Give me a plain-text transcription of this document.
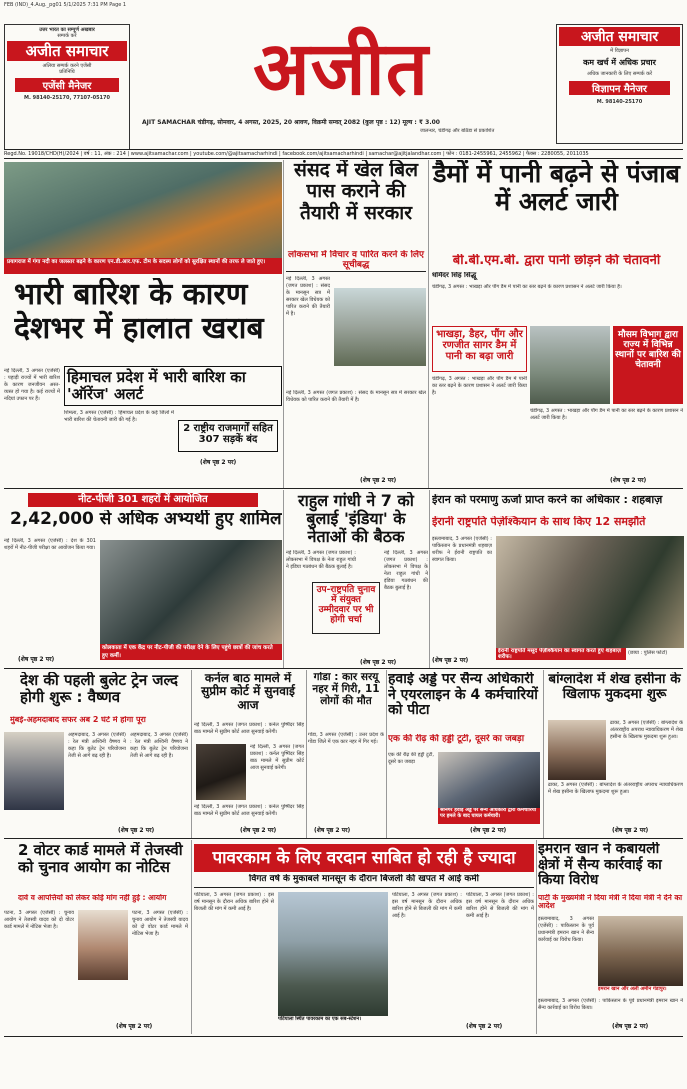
FEB (IND)_4.Aug._pg01 5/1/2025 7:31 PM Page 1
उत्तर भारत का सम्पूर्ण अखबार
सम्पर्क करें
अजीत समाचार
अलिया सम्पर्क करने एजेंसी
प्रतिनिधि
एजेंसी मैनेजर
M. 98140-25170, 77107-05170	अजीत
AJIT SAMACHAR चंडीगढ़, सोमवार, 4 अगस्त, 2025, 20 श्रावण, विक्रमी सम्वत् 2082 (कुल पृष्ठ : 12) मूल्य : ₹ 3.00
जालन्धर, चंडीगढ़ और बठिंडा से प्रकाशित
अजीत समाचार
में विज्ञापन
कम खर्च में अधिक प्रचार
अधिक जानकारी के लिए सम्पर्क करें
विज्ञापन मैनेजर
M. 98140-25170
Regd.No. 19018/CHD(H)/2024 | वर्ष : 11, अंक : 214 | www.ajitsamachar.com | youtube.com/@ajitsamacharhindi | facebook.com/ajitsamacharhindi | samachar@ajitjalandhar.com | फोन : 0181-2455961, 2455962 | फैक्स : 2280055, 2011035
प्रयागराज में गंगा नदी का जलस्तर बढ़ने के कारण एन.डी.आर.एफ. टीम के सदस्य लोगों को सुरक्षित स्थानों की तरफ ले जाते हुए।
भारी बारिश के कारण देशभर में हालात खराब
नई दिल्ली, 3 अगस्त (एजेंसी) : पहाड़ी राज्यों में भारी बारिश के कारण जनजीवन अस्त-व्यस्त हो गया है। कई राज्यों में नदियां उफान पर हैं।
हिमाचल प्रदेश में भारी बारिश का 'ऑरेंज' अलर्ट
शिमला, 3 अगस्त (एजेंसी) : हिमाचल प्रदेश के कई जिलों में भारी बारिश की चेतावनी जारी की गई है।
2 राष्ट्रीय राजमार्गों सहित 307 सड़कें बंद
(शेष पृष्ठ 2 पर)
संसद में खेल बिल पास कराने की तैयारी में सरकार
लोकसभा में विचार व पारित करने के लिए सूचीबद्ध
नई दिल्ली, 3 अगस्त (जगत प्रकाश) : संसद के मानसून सत्र में सरकार खेल विधेयक को पारित कराने की तैयारी में है।
नई दिल्ली, 3 अगस्त (जगत प्रकाश) : संसद के मानसून सत्र में सरकार खेल विधेयक को पारित कराने की तैयारी में है।
(शेष पृष्ठ 2 पर)
डैमों में पानी बढ़ने से पंजाब में अलर्ट जारी
बी.बी.एम.बी. द्वारा पानी छोड़ने की चेतावनी
धर्मिंदर सिंह सिद्धू
चंडीगढ़, 3 अगस्त : भाखड़ा और पौंग डैम में पानी का स्तर बढ़ने के कारण प्रशासन ने अलर्ट जारी किया है।
भाखड़ा, डैहर, पौंग और रणजीत सागर डैम में पानी का बढ़ा जारी
मौसम विभाग द्वारा राज्य में विभिन्न स्थानों पर बारिश की चेतावनी
चंडीगढ़, 3 अगस्त : भाखड़ा और पौंग डैम में पानी का स्तर बढ़ने के कारण प्रशासन ने अलर्ट जारी किया है।
चंडीगढ़, 3 अगस्त : भाखड़ा और पौंग डैम में पानी का स्तर बढ़ने के कारण प्रशासन ने अलर्ट जारी किया है।
(शेष पृष्ठ 2 पर)
नीट-पीजी 301 शहरों में आयोजित
2,42,000 से अधिक अभ्यर्थी हुए शामिल
नई दिल्ली, 3 अगस्त (एजेंसी) : देश के 301 शहरों में नीट-पीजी परीक्षा का आयोजन किया गया।
कोलकाता में एक केंद्र पर नीट-पीजी की परीक्षा देने के लिए पहुंचे छात्रों की जांच करते हुए कर्मी।
(शेष पृष्ठ 2 पर)
राहुल गांधी ने 7 को बुलाई 'इंडिया' के नेताओं की बैठक
नई दिल्ली, 3 अगस्त (जगत प्रकाश) : लोकसभा में विपक्ष के नेता राहुल गांधी ने इंडिया गठबंधन की बैठक बुलाई है।
उप-राष्ट्रपति चुनाव में संयुक्त उम्मीदवार पर भी होगी चर्चा
नई दिल्ली, 3 अगस्त (जगत प्रकाश) : लोकसभा में विपक्ष के नेता राहुल गांधी ने इंडिया गठबंधन की बैठक बुलाई है।
(शेष पृष्ठ 2 पर)
ईरान को परमाणु ऊर्जा प्राप्त करने का अधिकार : शहबाज़
ईरानी राष्ट्रपति पेज़ेश्कियान के साथ किए 12 समझौते
इस्लामाबाद, 3 अगस्त (एजेंसी) : पाकिस्तान के प्रधानमंत्री शहबाज़ शरीफ ने ईरानी राष्ट्रपति का स्वागत किया।
ईरानी राष्ट्रपति मसूद पेज़ेश्कियान का स्वागत करते हुए शहबाज़ शरीफ।
(छाया : पुलिस फोटो)
(शेष पृष्ठ 2 पर)
देश की पहली बुलेट ट्रेन जल्द होगी शुरू : वैष्णव
मुंबई-अहमदाबाद सफर अब 2 घंटे में होगा पूरा
अहमदाबाद, 3 अगस्त (एजेंसी) : रेल मंत्री अश्विनी वैष्णव ने कहा कि बुलेट ट्रेन परियोजना तेजी से आगे बढ़ रही है।
अहमदाबाद, 3 अगस्त (एजेंसी) : रेल मंत्री अश्विनी वैष्णव ने कहा कि बुलेट ट्रेन परियोजना तेजी से आगे बढ़ रही है।
(शेष पृष्ठ 2 पर)
कर्नल बाठ मामले में सुप्रीम कोर्ट में सुनवाई आज
नई दिल्ली, 3 अगस्त (जगत प्रकाश) : कर्नल पुष्पिंदर सिंह बाठ मामले में सुप्रीम कोर्ट आज सुनवाई करेगी।
नई दिल्ली, 3 अगस्त (जगत प्रकाश) : कर्नल पुष्पिंदर सिंह बाठ मामले में सुप्रीम कोर्ट आज सुनवाई करेगी।
नई दिल्ली, 3 अगस्त (जगत प्रकाश) : कर्नल पुष्पिंदर सिंह बाठ मामले में सुप्रीम कोर्ट आज सुनवाई करेगी।
(शेष पृष्ठ 2 पर)
गोंडा : कार सरयू नहर में गिरी, 11 लोगों की मौत
गोंडा, 3 अगस्त (एजेंसी) : उत्तर प्रदेश के गोंडा जिले में एक कार नहर में गिर गई।
(शेष पृष्ठ 2 पर)
हवाई अड्डे पर सैन्य अधिकारी ने एयरलाइन के 4 कर्मचारियों को पीटा
एक की रीढ़ की हड्डी टूटी, दूसरे का जबड़ा
एक की रीढ़ की हड्डी टूटी, दूसरे का जबड़ा
श्रीनगर हवाई अड्डे पर सैन्य अधिकारी द्वारा कर्मचारियों पर हमले के बाद घायल कर्मचारी।
(शेष पृष्ठ 2 पर)
बांग्लादेश में शेख हसीना के खिलाफ मुकदमा शुरू
ढाका, 3 अगस्त (एजेंसी) : बांग्लादेश के अंतरराष्ट्रीय अपराध न्यायाधिकरण में शेख हसीना के खिलाफ मुकदमा शुरू हुआ।
ढाका, 3 अगस्त (एजेंसी) : बांग्लादेश के अंतरराष्ट्रीय अपराध न्यायाधिकरण में शेख हसीना के खिलाफ मुकदमा शुरू हुआ।
(शेष पृष्ठ 2 पर)
2 वोटर कार्ड मामले में तेजस्वी को चुनाव आयोग का नोटिस
दावे व आपत्तियों को लेकर कोई मांग नहीं हुई : आयोग
पटना, 3 अगस्त (एजेंसी) : चुनाव आयोग ने तेजस्वी यादव को दो वोटर कार्ड मामले में नोटिस भेजा है।
पटना, 3 अगस्त (एजेंसी) : चुनाव आयोग ने तेजस्वी यादव को दो वोटर कार्ड मामले में नोटिस भेजा है।
(शेष पृष्ठ 2 पर)
पावरकाम के लिए वरदान साबित हो रही है ज्यादा
विगत वर्ष के मुकाबले मानसून के दौरान बिजली की खपत में आई कमी
पटियाला, 3 अगस्त (जगत प्रकाश) : इस वर्ष मानसून के दौरान अधिक बारिश होने से बिजली की मांग में कमी आई है।
पटियाला स्थित पावरकाम का एक सब-स्टेशन।
पटियाला, 3 अगस्त (जगत प्रकाश) : इस वर्ष मानसून के दौरान अधिक बारिश होने से बिजली की मांग में कमी आई है।
पटियाला, 3 अगस्त (जगत प्रकाश) : इस वर्ष मानसून के दौरान अधिक बारिश होने से बिजली की मांग में कमी आई है।
(शेष पृष्ठ 2 पर)
इमरान खान ने कबायली क्षेत्रों में सैन्य कार्रवाई का किया विरोध
पार्टी के मुख्यमंत्री ने दिया मंत्री ने दिया मंत्री ने देने का आदेश
इस्लामाबाद, 3 अगस्त (एजेंसी) : पाकिस्तान के पूर्व प्रधानमंत्री इमरान खान ने सैन्य कार्रवाई का विरोध किया।
इमरान खान और अली अमीन गंडापुर।
इस्लामाबाद, 3 अगस्त (एजेंसी) : पाकिस्तान के पूर्व प्रधानमंत्री इमरान खान ने सैन्य कार्रवाई का विरोध किया।
(शेष पृष्ठ 2 पर)
